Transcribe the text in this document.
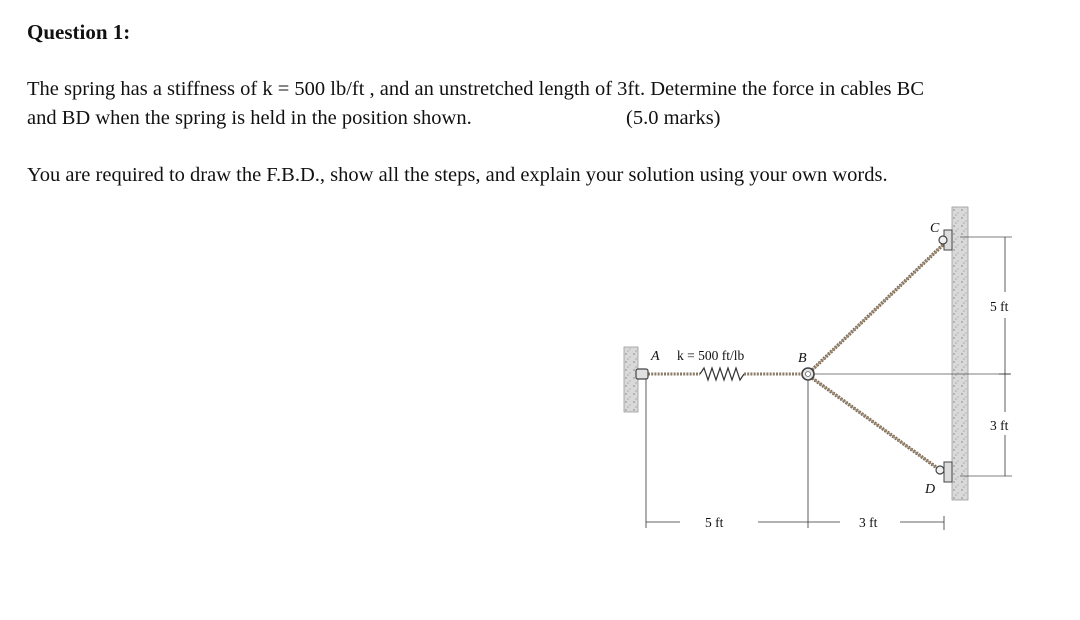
Question 1:
The spring has a stiffness of k = 500 lb/ft , and an unstretched length of 3ft. Determine the force in cables BC
and BD when the spring is held in the position shown.	(5.0 marks)
You are required to draw the F.B.D., show all the steps, and explain your solution using your own words.
A k = 500 ft/lb	B
C
D
5 ft	3 ft
5 ft
3 ft
